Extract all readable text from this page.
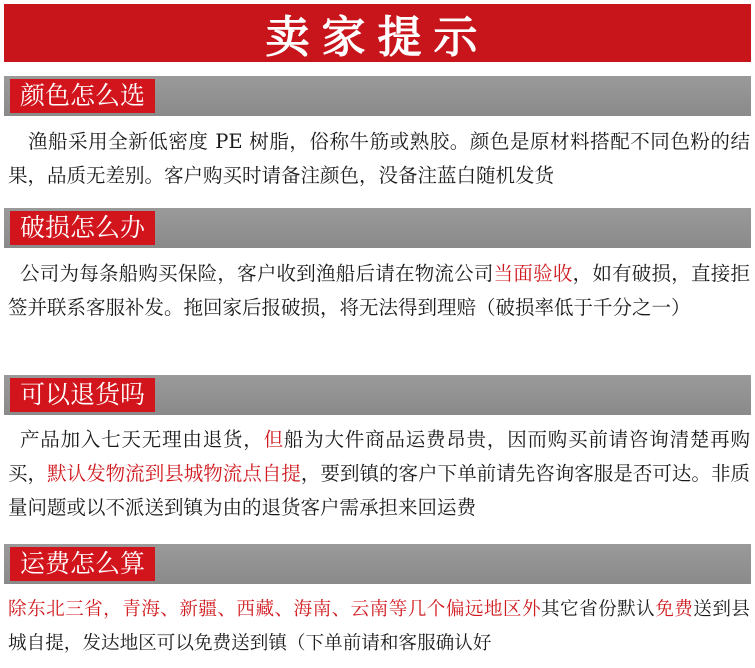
卖家提示
颜色怎么选
渔船采用全新低密度 PE 树脂，俗称牛筋或熟胶。颜色是原材料搭配不同色粉的结果，品质无差别。客户购买时请备注颜色，没备注蓝白随机发货
破损怎么办
公司为每条船购买保险，客户收到渔船后请在物流公司当面验收，如有破损，直接拒签并联系客服补发。拖回家后报破损，将无法得到理赔（破损率低于千分之一）
可以退货吗
产品加入七天无理由退货，但船为大件商品运费昂贵，因而购买前请咨询清楚再购买，默认发物流到县城物流点自提，要到镇的客户下单前请先咨询客服是否可达。非质量问题或以不派送到镇为由的退货客户需承担来回运费
运费怎么算
除东北三省，青海、新疆、西藏、海南、云南等几个偏远地区外其它省份默认免费送到县城自提，发达地区可以免费送到镇（下单前请和客服确认好
